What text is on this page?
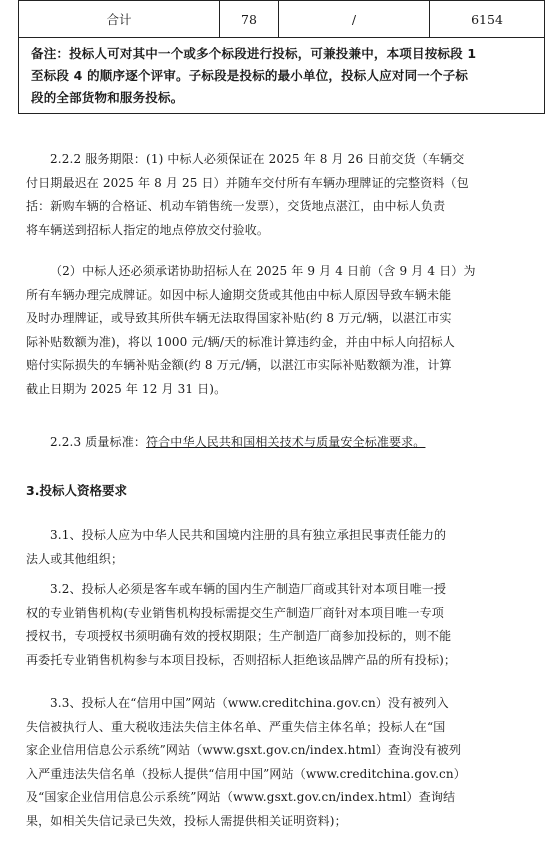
合计	78	/	6154

备注：投标人可对其中一个或多个标段进行投标，可兼投兼中，本项目按标段 1
至标段 4 的顺序逐个评审。子标段是投标的最小单位，投标人应对同一个子标
段的全部货物和服务投标。
2.2.2 服务期限：(1) 中标人必须保证在 2025 年 8 月 26 日前交货（车辆交
付日期最迟在 2025 年 8 月 25 日）并随车交付所有车辆办理牌证的完整资料（包
括：新购车辆的合格证、机动车销售统一发票），交货地点湛江，由中标人负责
将车辆送到招标人指定的地点停放交付验收。
（2）中标人还必须承诺协助招标人在 2025 年 9 月 4 日前（含 9 月 4 日）为
所有车辆办理完成牌证。如因中标人逾期交货或其他由中标人原因导致车辆未能
及时办理牌证，或导致其所供车辆无法取得国家补贴(约 8 万元/辆，以湛江市实
际补贴数额为准)，将以 1000 元/辆/天的标准计算违约金，并由中标人向招标人
赔付实际损失的车辆补贴金额(约 8 万元/辆，以湛江市实际补贴数额为准，计算
截止日期为 2025 年 12 月 31 日)。
2.2.3 质量标准：符合中华人民共和国相关技术与质量安全标准要求。
3.投标人资格要求
3.1、投标人应为中华人民共和国境内注册的具有独立承担民事责任能力的
法人或其他组织；
3.2、投标人必须是客车或车辆的国内生产制造厂商或其针对本项目唯一授
权的专业销售机构(专业销售机构投标需提交生产制造厂商针对本项目唯一专项
授权书，专项授权书须明确有效的授权期限；生产制造厂商参加投标的，则不能
再委托专业销售机构参与本项目投标，否则招标人拒绝该品牌产品的所有投标)；
3.3、投标人在“信用中国”网站（www.creditchina.gov.cn）没有被列入
失信被执行人、重大税收违法失信主体名单、严重失信主体名单；投标人在“国
家企业信用信息公示系统”网站（www.gsxt.gov.cn/index.html）查询没有被列
入严重违法失信名单（投标人提供“信用中国”网站（www.creditchina.gov.cn）
及“国家企业信用信息公示系统”网站（www.gsxt.gov.cn/index.html）查询结
果，如相关失信记录已失效，投标人需提供相关证明资料)；
